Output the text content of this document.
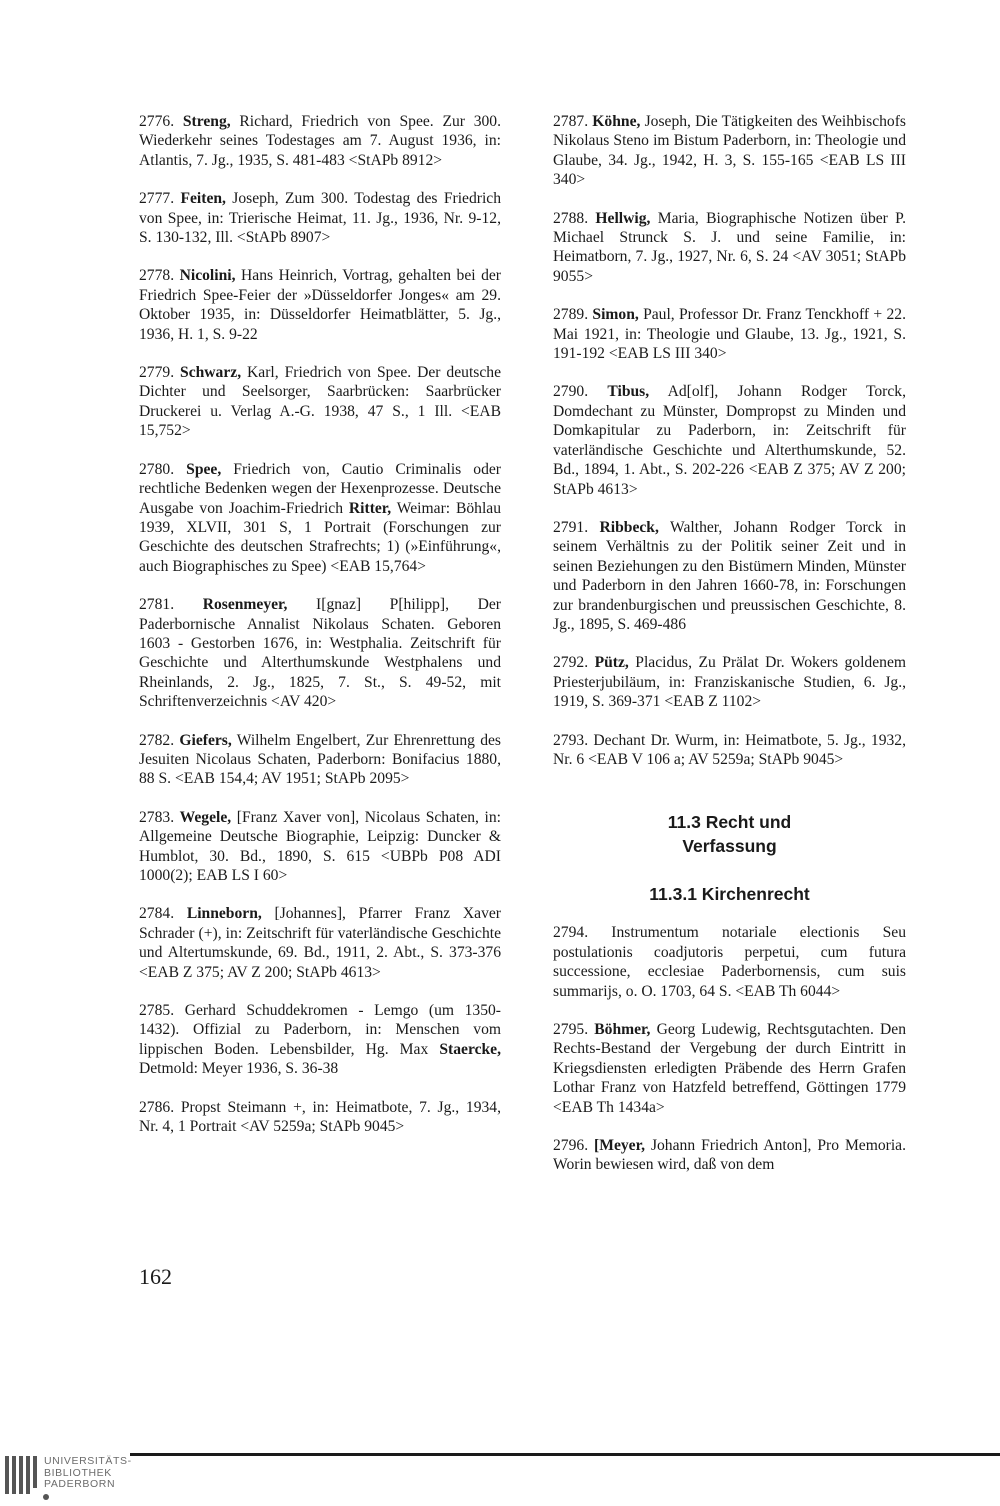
2776. Streng, Richard, Friedrich von Spee. Zur 300. Wiederkehr seines Todestages am 7. August 1936, in: Atlantis, 7. Jg., 1935, S. 481-483 <StAPb 8912>

2777. Feiten, Joseph, Zum 300. Todestag des Friedrich von Spee, in: Trierische Heimat, 11. Jg., 1936, Nr. 9-12, S. 130-132, Ill. <StAPb 8907>

2778. Nicolini, Hans Heinrich, Vortrag, gehalten bei der Friedrich Spee-Feier der »Düsseldorfer Jonges« am 29. Oktober 1935, in: Düsseldorfer Heimatblätter, 5. Jg., 1936, H. 1, S. 9-22

2779. Schwarz, Karl, Friedrich von Spee. Der deutsche Dichter und Seelsorger, Saarbrücken: Saarbrücker Druckerei u. Verlag A.-G. 1938, 47 S., 1 Ill. <EAB 15,752>

2780. Spee, Friedrich von, Cautio Criminalis oder rechtliche Bedenken wegen der Hexenprozesse. Deutsche Ausgabe von Joachim-Friedrich Ritter, Weimar: Böhlau 1939, XLVII, 301 S, 1 Portrait (Forschungen zur Geschichte des deutschen Strafrechts; 1) (»Einführung«, auch Biographisches zu Spee) <EAB 15,764>

2781. Rosenmeyer, I[gnaz] P[hilipp], Der Paderbornische Annalist Nikolaus Schaten. Geboren 1603 - Gestorben 1676, in: Westphalia. Zeitschrift für Geschichte und Alterthumskunde Westphalens und Rheinlands, 2. Jg., 1825, 7. St., S. 49-52, mit Schriftenverzeichnis <AV 420>

2782. Giefers, Wilhelm Engelbert, Zur Ehrenrettung des Jesuiten Nicolaus Schaten, Paderborn: Bonifacius 1880, 88 S. <EAB 154,4; AV 1951; StAPb 2095>

2783. Wegele, [Franz Xaver von], Nicolaus Schaten, in: Allgemeine Deutsche Biographie, Leipzig: Duncker & Humblot, 30. Bd., 1890, S. 615 <UBPb P08 ADI 1000(2); EAB LS I 60>

2784. Linneborn, [Johannes], Pfarrer Franz Xaver Schrader (+), in: Zeitschrift für vaterländische Geschichte und Altertumskunde, 69. Bd., 1911, 2. Abt., S. 373-376 <EAB Z 375; AV Z 200; StAPb 4613>

2785. Gerhard Schuddekromen - Lemgo (um 1350-1432). Offizial zu Paderborn, in: Menschen vom lippischen Boden. Lebensbilder, Hg. Max Staercke, Detmold: Meyer 1936, S. 36-38

2786. Propst Steimann +, in: Heimatbote, 7. Jg., 1934, Nr. 4, 1 Portrait <AV 5259a; StAPb 9045>

2787. Köhne, Joseph, Die Tätigkeiten des Weihbischofs Nikolaus Steno im Bistum Paderborn, in: Theologie und Glaube, 34. Jg., 1942, H. 3, S. 155-165 <EAB LS III 340>

2788. Hellwig, Maria, Biographische Notizen über P. Michael Strunck S. J. und seine Familie, in: Heimatborn, 7. Jg., 1927, Nr. 6, S. 24 <AV 3051; StAPb 9055>

2789. Simon, Paul, Professor Dr. Franz Tenckhoff + 22. Mai 1921, in: Theologie und Glaube, 13. Jg., 1921, S. 191-192 <EAB LS III 340>

2790. Tibus, Ad[olf], Johann Rodger Torck, Domdechant zu Münster, Dompropst zu Minden und Domkapitular zu Paderborn, in: Zeitschrift für vaterländische Geschichte und Alterthumskunde, 52. Bd., 1894, 1. Abt., S. 202-226 <EAB Z 375; AV Z 200; StAPb 4613>

2791. Ribbeck, Walther, Johann Rodger Torck in seinem Verhältnis zu der Politik seiner Zeit und in seinen Beziehungen zu den Bistümern Minden, Münster und Paderborn in den Jahren 1660-78, in: Forschungen zur brandenburgischen und preussischen Geschichte, 8. Jg., 1895, S. 469-486

2792. Pütz, Placidus, Zu Prälat Dr. Wokers goldenem Priesterjubiläum, in: Franziskanische Studien, 6. Jg., 1919, S. 369-371 <EAB Z 1102>

2793. Dechant Dr. Wurm, in: Heimatbote, 5. Jg., 1932, Nr. 6 <EAB V 106 a; AV 5259a; StAPb 9045>

11.3 Recht und
Verfassung
11.3.1 Kirchenrecht

2794. Instrumentum notariale electionis Seu postulationis coadjutoris perpetui, cum futura successione, ecclesiae Paderbornensis, cum suis summarijs, o. O. 1703, 64 S. <EAB Th 6044>

2795. Böhmer, Georg Ludewig, Rechtsgutachten. Den Rechts-Bestand der Vergebung der durch Eintritt in Kriegsdiensten erledigten Präbende des Herrn Grafen Lothar Franz von Hatzfeld betreffend, Göttingen 1779 <EAB Th 1434a>

2796. [Meyer, Johann Friedrich Anton], Pro Memoria. Worin bewiesen wird, daß von dem

162
UNIVERSITÄTS-
BIBLIOTHEK
PADERBORN
